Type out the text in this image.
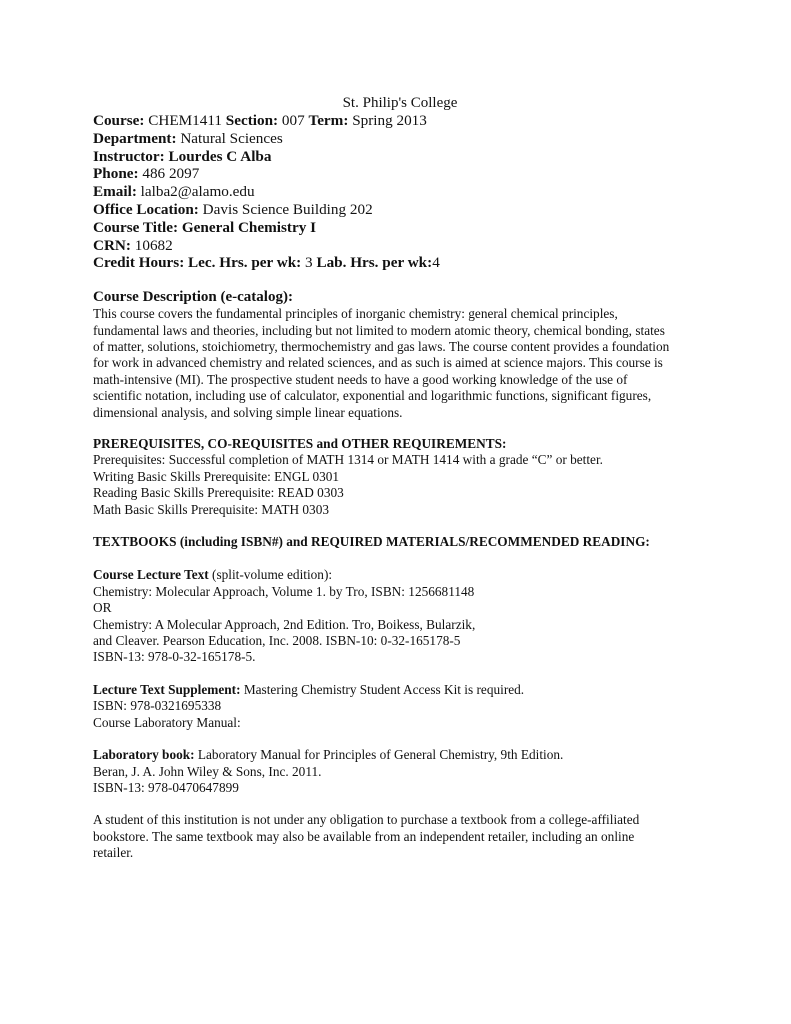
St. Philip's College
Course: CHEM1411 Section: 007 Term: Spring 2013
Department: Natural Sciences
Instructor: Lourdes C Alba
Phone: 486 2097
Email: lalba2@alamo.edu
Office Location: Davis Science Building 202
Course Title: General Chemistry I
CRN: 10682
Credit Hours: Lec. Hrs. per wk: 3 Lab. Hrs. per wk:4
Course Description (e-catalog):
This course covers the fundamental principles of inorganic chemistry: general chemical principles,
fundamental laws and theories, including but not limited to modern atomic theory, chemical bonding, states
of matter, solutions, stoichiometry, thermochemistry and gas laws. The course content provides a foundation
for work in advanced chemistry and related sciences, and as such is aimed at science majors. This course is
math-intensive (MI). The prospective student needs to have a good working knowledge of the use of
scientific notation, including use of calculator, exponential and logarithmic functions, significant figures,
dimensional analysis, and solving simple linear equations.
PREREQUISITES, CO-REQUISITES and OTHER REQUIREMENTS:
Prerequisites: Successful completion of MATH 1314 or MATH 1414 with a grade “C” or better.
Writing Basic Skills Prerequisite: ENGL 0301
Reading Basic Skills Prerequisite: READ 0303
Math Basic Skills Prerequisite: MATH 0303
TEXTBOOKS (including ISBN#) and REQUIRED MATERIALS/RECOMMENDED READING:
Course Lecture Text (split-volume edition):
Chemistry: Molecular Approach, Volume 1. by Tro, ISBN: 1256681148
OR
Chemistry: A Molecular Approach, 2nd Edition. Tro, Boikess, Bularzik,
and Cleaver. Pearson Education, Inc. 2008. ISBN-10: 0-32-165178-5
ISBN-13: 978-0-32-165178-5.
Lecture Text Supplement: Mastering Chemistry Student Access Kit is required.
ISBN: 978-0321695338
Course Laboratory Manual:
Laboratory book: Laboratory Manual for Principles of General Chemistry, 9th Edition.
Beran, J. A. John Wiley & Sons, Inc. 2011.
ISBN-13: 978-0470647899
A student of this institution is not under any obligation to purchase a textbook from a college-affiliated
bookstore. The same textbook may also be available from an independent retailer, including an online
retailer.
